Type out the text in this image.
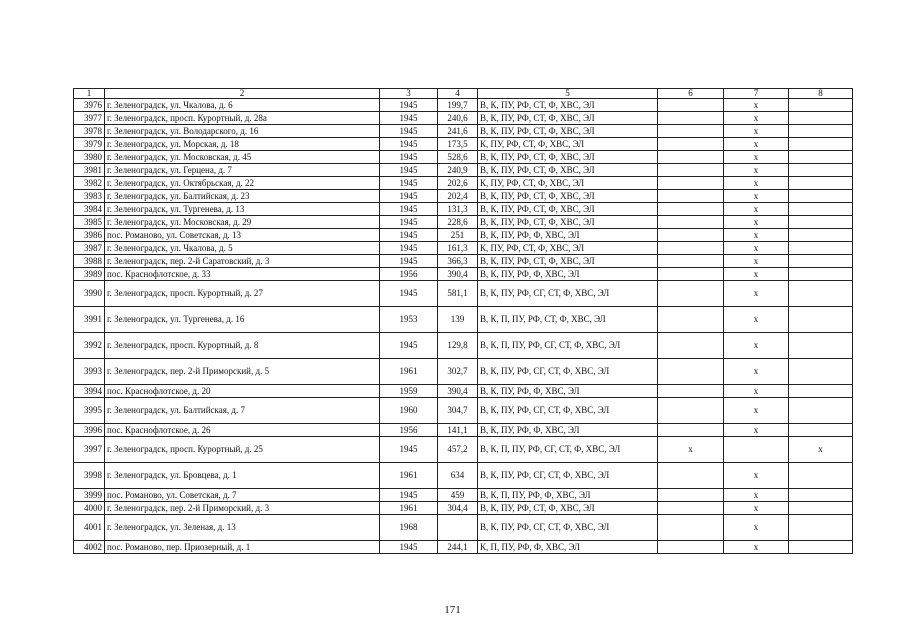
1	2	3	4	5	6	7	8
3976	г. Зеленоградск, ул. Чкалова, д. 6	1945	199,7	В, К, ПУ, РФ, СТ, Ф, ХВС, ЭЛ		х	
3977	г. Зеленоградск, просп. Курортный, д. 28а	1945	240,6	В, К, ПУ, РФ, СТ, Ф, ХВС, ЭЛ		х	
3978	г. Зеленоградск, ул. Володарского, д. 16	1945	241,6	В, К, ПУ, РФ, СТ, Ф, ХВС, ЭЛ		х	
3979	г. Зеленоградск, ул. Морская, д. 18	1945	173,5	К, ПУ, РФ, СТ, Ф, ХВС, ЭЛ		х	
3980	г. Зеленоградск, ул. Московская, д. 45	1945	528,6	В, К, ПУ, РФ, СТ, Ф, ХВС, ЭЛ		х	
3981	г. Зеленоградск, ул. Герцена, д. 7	1945	240,9	В, К, ПУ, РФ, СТ, Ф, ХВС, ЭЛ		х	
3982	г. Зеленоградск, ул. Октябрьская, д. 22	1945	202,6	К, ПУ, РФ, СТ, Ф, ХВС, ЭЛ		х	
3983	г. Зеленоградск, ул. Балтийская, д. 23	1945	202,4	В, К, ПУ, РФ, СТ, Ф, ХВС, ЭЛ		х	
3984	г. Зеленоградск, ул. Тургенева, д. 13	1945	131,3	В, К, ПУ, РФ, СТ, Ф, ХВС, ЭЛ		х	
3985	г. Зеленоградск, ул. Московская, д. 29	1945	228,6	В, К, ПУ, РФ, СТ, Ф, ХВС, ЭЛ		х	
3986	пос. Романово, ул. Советская, д. 13	1945	251	В, К, ПУ, РФ, Ф, ХВС, ЭЛ		х	
3987	г. Зеленоградск, ул. Чкалова, д. 5	1945	161,3	К, ПУ, РФ, СТ, Ф, ХВС, ЭЛ		х	
3988	г. Зеленоградск, пер. 2-й Саратовский, д. 3	1945	366,3	В, К, ПУ, РФ, СТ, Ф, ХВС, ЭЛ		х	
3989	пос. Краснофлотское, д. 33	1956	390,4	В, К, ПУ, РФ, Ф, ХВС, ЭЛ		х	
3990	г. Зеленоградск, просп. Курортный, д. 27	1945	581,1	В, К, ПУ, РФ, СГ, СТ, Ф, ХВС, ЭЛ		х	
3991	г. Зеленоградск, ул. Тургенева, д. 16	1953	139	В, К, П, ПУ, РФ, СТ, Ф, ХВС, ЭЛ		х	
3992	г. Зеленоградск, просп. Курортный, д. 8	1945	129,8	В, К, П, ПУ, РФ, СГ, СТ, Ф, ХВС, ЭЛ		х	
3993	г. Зеленоградск, пер. 2-й Приморский, д. 5	1961	302,7	В, К, ПУ, РФ, СГ, СТ, Ф, ХВС, ЭЛ		х	
3994	пос. Краснофлотское, д. 20	1959	390,4	В, К, ПУ, РФ, Ф, ХВС, ЭЛ		х	
3995	г. Зеленоградск, ул. Балтийская, д. 7	1960	304,7	В, К, ПУ, РФ, СГ, СТ, Ф, ХВС, ЭЛ		х	
3996	пос. Краснофлотское, д. 26	1956	141,1	В, К, ПУ, РФ, Ф, ХВС, ЭЛ		х	
3997	г. Зеленоградск, просп. Курортный, д. 25	1945	457,2	В, К, П, ПУ, РФ, СГ, СТ, Ф, ХВС, ЭЛ	х		х
3998	г. Зеленоградск, ул. Бровцева, д. 1	1961	634	В, К, ПУ, РФ, СГ, СТ, Ф, ХВС, ЭЛ		х	
3999	пос. Романово, ул. Советская, д. 7	1945	459	В, К, П, ПУ, РФ, Ф, ХВС, ЭЛ		х	
4000	г. Зеленоградск, пер. 2-й Приморский, д. 3	1961	304,4	В, К, ПУ, РФ, СТ, Ф, ХВС, ЭЛ		х	
4001	г. Зеленоградск, ул. Зеленая, д. 13	1968		В, К, ПУ, РФ, СГ, СТ, Ф, ХВС, ЭЛ		х	
4002	пос. Романово, пер. Приозерный, д. 1	1945	244,1	К, П, ПУ, РФ, Ф, ХВС, ЭЛ		х	
171
